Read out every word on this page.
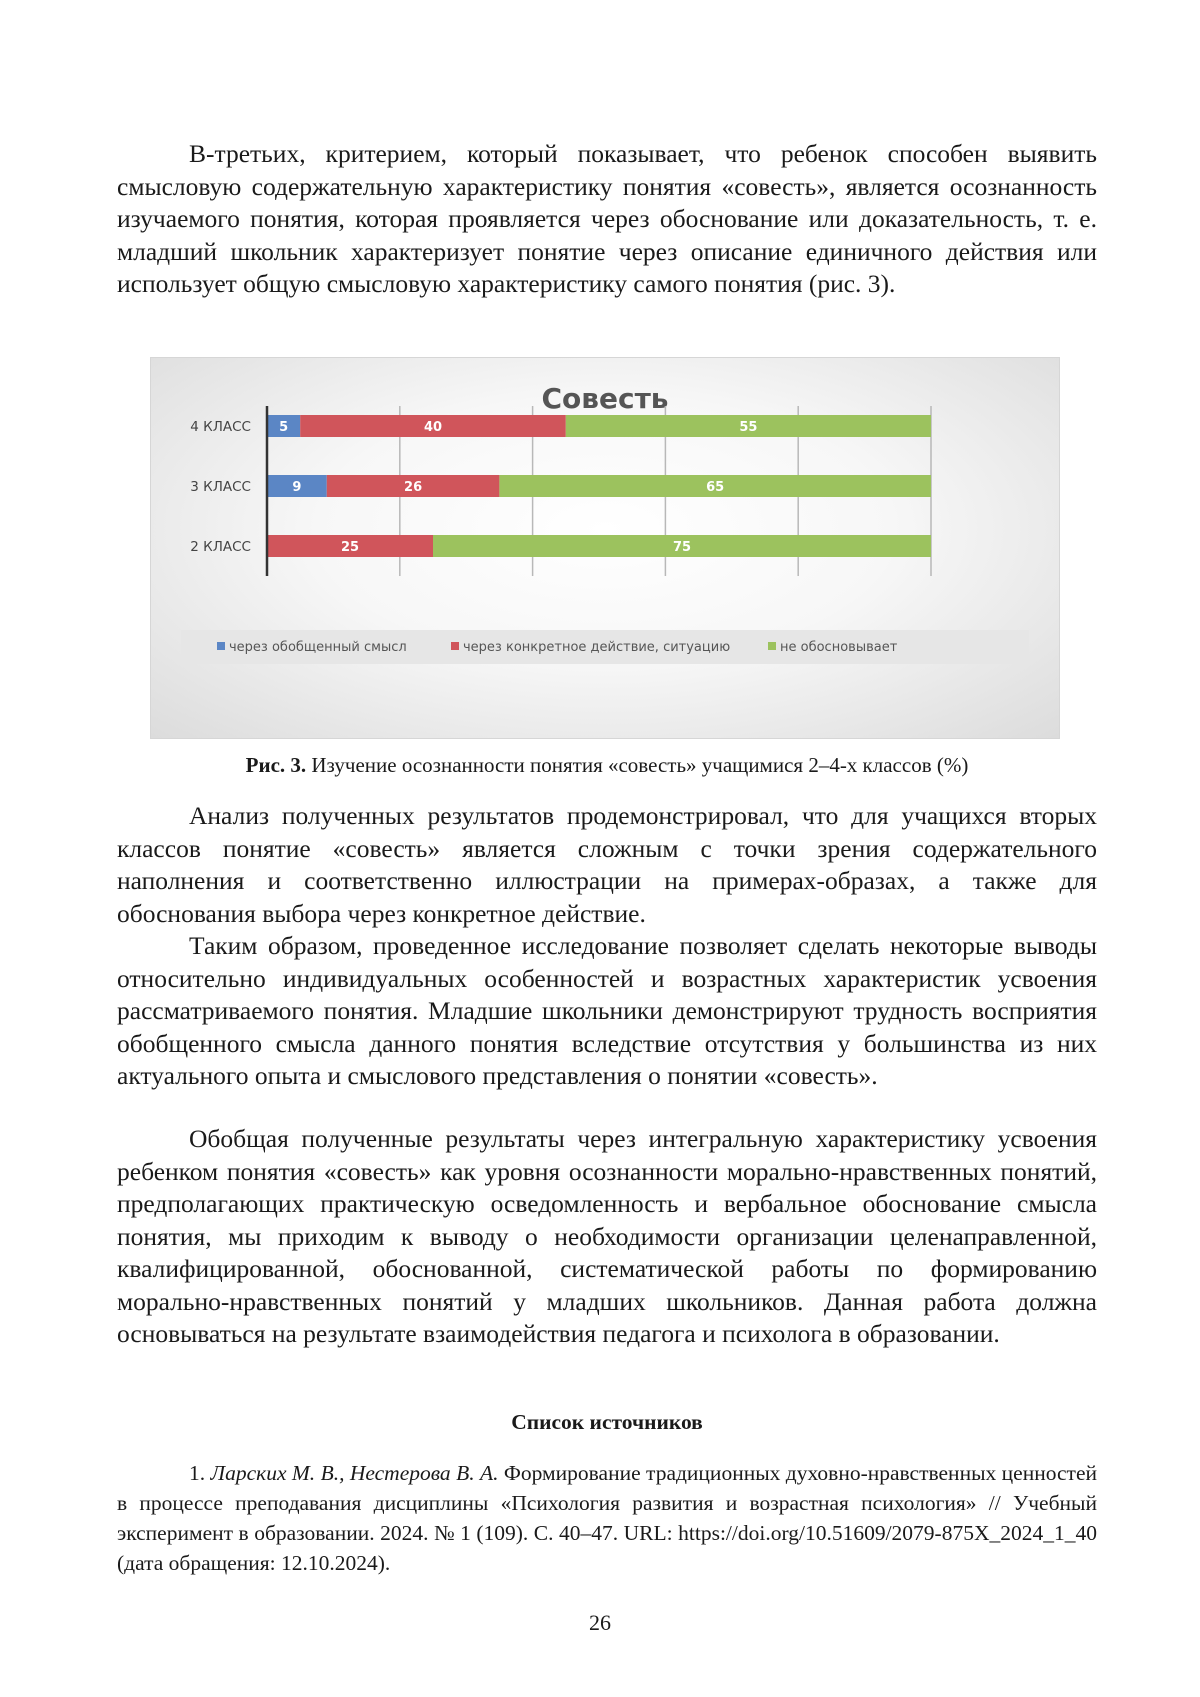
В-третьих, критерием, который показывает, что ребенок способен выявить смысловую содержательную характеристику понятия «совесть», является осознанность изучаемого понятия, которая проявляется через обоснование или доказательность, т. е. младший школьник характеризует понятие через описание единичного действия или использует общую смысловую характеристику самого понятия (рис. 3).

Совесть
5	40	55
9	26	65
25	75
4 КЛАСС
3 КЛАСС
2 КЛАСС
через обобщенный смысл	через конкретное действие, ситуацию	не обосновывает
Рис. 3. Изучение осознанности понятия «совесть» учащимися 2–4-х классов (%)

Анализ полученных результатов продемонстрировал, что для учащихся вторых классов понятие «совесть» является сложным с точки зрения содержательного наполнения и соответственно иллюстрации на примерах-образах, а также для обоснования выбора через конкретное действие.

Таким образом, проведенное исследование позволяет сделать некоторые выводы относительно индивидуальных особенностей и возрастных характеристик усвоения рассматриваемого понятия. Младшие школьники демонстрируют трудность восприятия обобщенного смысла данного понятия вследствие отсутствия у большинства из них актуального опыта и смыслового представления о понятии «совесть».

Обобщая полученные результаты через интегральную характеристику усвоения ребенком понятия «совесть» как уровня осознанности морально-нравственных понятий, предполагающих практическую осведомленность и вербальное обоснование смысла понятия, мы приходим к выводу о необходимости организации целенаправленной, квалифицированной, обоснованной, систематической работы по формированию морально-нравственных понятий у младших школьников. Данная работа должна основываться на результате взаимодействия педагога и психолога в образовании.

Список источников

1. Ларских М. В., Нестерова В. А. Формирование традиционных духовно-нравственных ценностей в процессе преподавания дисциплины «Психология развития и возрастная психология» // Учебный эксперимент в образовании. 2024. № 1 (109). С. 40–47. URL: https://doi.org/10.51609/2079-875X_2024_1_40 (дата обращения: 12.10.2024).

26
